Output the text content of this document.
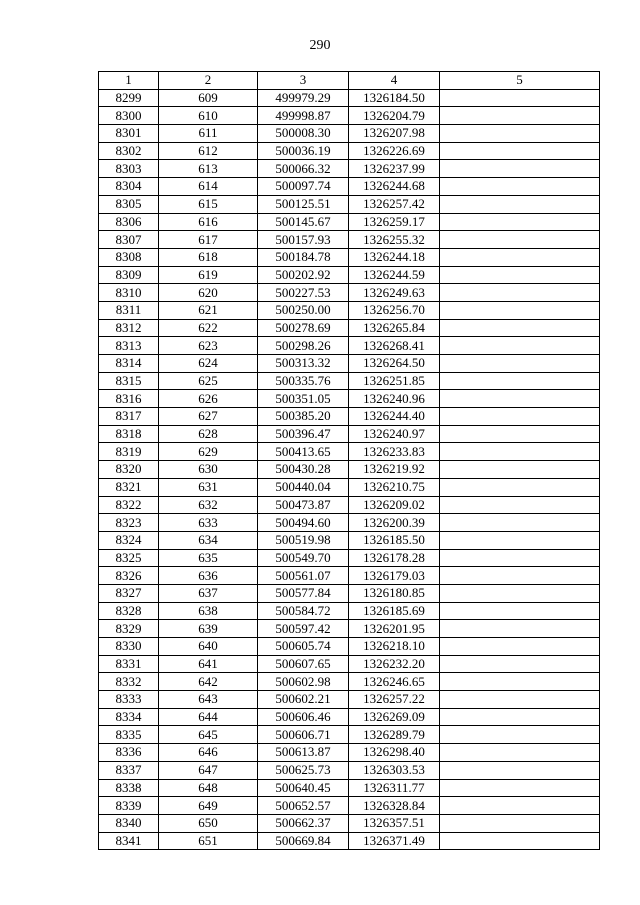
290
1	2	3	4	5
8299	609	499979.29	1326184.50	
8300	610	499998.87	1326204.79	
8301	611	500008.30	1326207.98	
8302	612	500036.19	1326226.69	
8303	613	500066.32	1326237.99	
8304	614	500097.74	1326244.68	
8305	615	500125.51	1326257.42	
8306	616	500145.67	1326259.17	
8307	617	500157.93	1326255.32	
8308	618	500184.78	1326244.18	
8309	619	500202.92	1326244.59	
8310	620	500227.53	1326249.63	
8311	621	500250.00	1326256.70	
8312	622	500278.69	1326265.84	
8313	623	500298.26	1326268.41	
8314	624	500313.32	1326264.50	
8315	625	500335.76	1326251.85	
8316	626	500351.05	1326240.96	
8317	627	500385.20	1326244.40	
8318	628	500396.47	1326240.97	
8319	629	500413.65	1326233.83	
8320	630	500430.28	1326219.92	
8321	631	500440.04	1326210.75	
8322	632	500473.87	1326209.02	
8323	633	500494.60	1326200.39	
8324	634	500519.98	1326185.50	
8325	635	500549.70	1326178.28	
8326	636	500561.07	1326179.03	
8327	637	500577.84	1326180.85	
8328	638	500584.72	1326185.69	
8329	639	500597.42	1326201.95	
8330	640	500605.74	1326218.10	
8331	641	500607.65	1326232.20	
8332	642	500602.98	1326246.65	
8333	643	500602.21	1326257.22	
8334	644	500606.46	1326269.09	
8335	645	500606.71	1326289.79	
8336	646	500613.87	1326298.40	
8337	647	500625.73	1326303.53	
8338	648	500640.45	1326311.77	
8339	649	500652.57	1326328.84	
8340	650	500662.37	1326357.51	
8341	651	500669.84	1326371.49	
